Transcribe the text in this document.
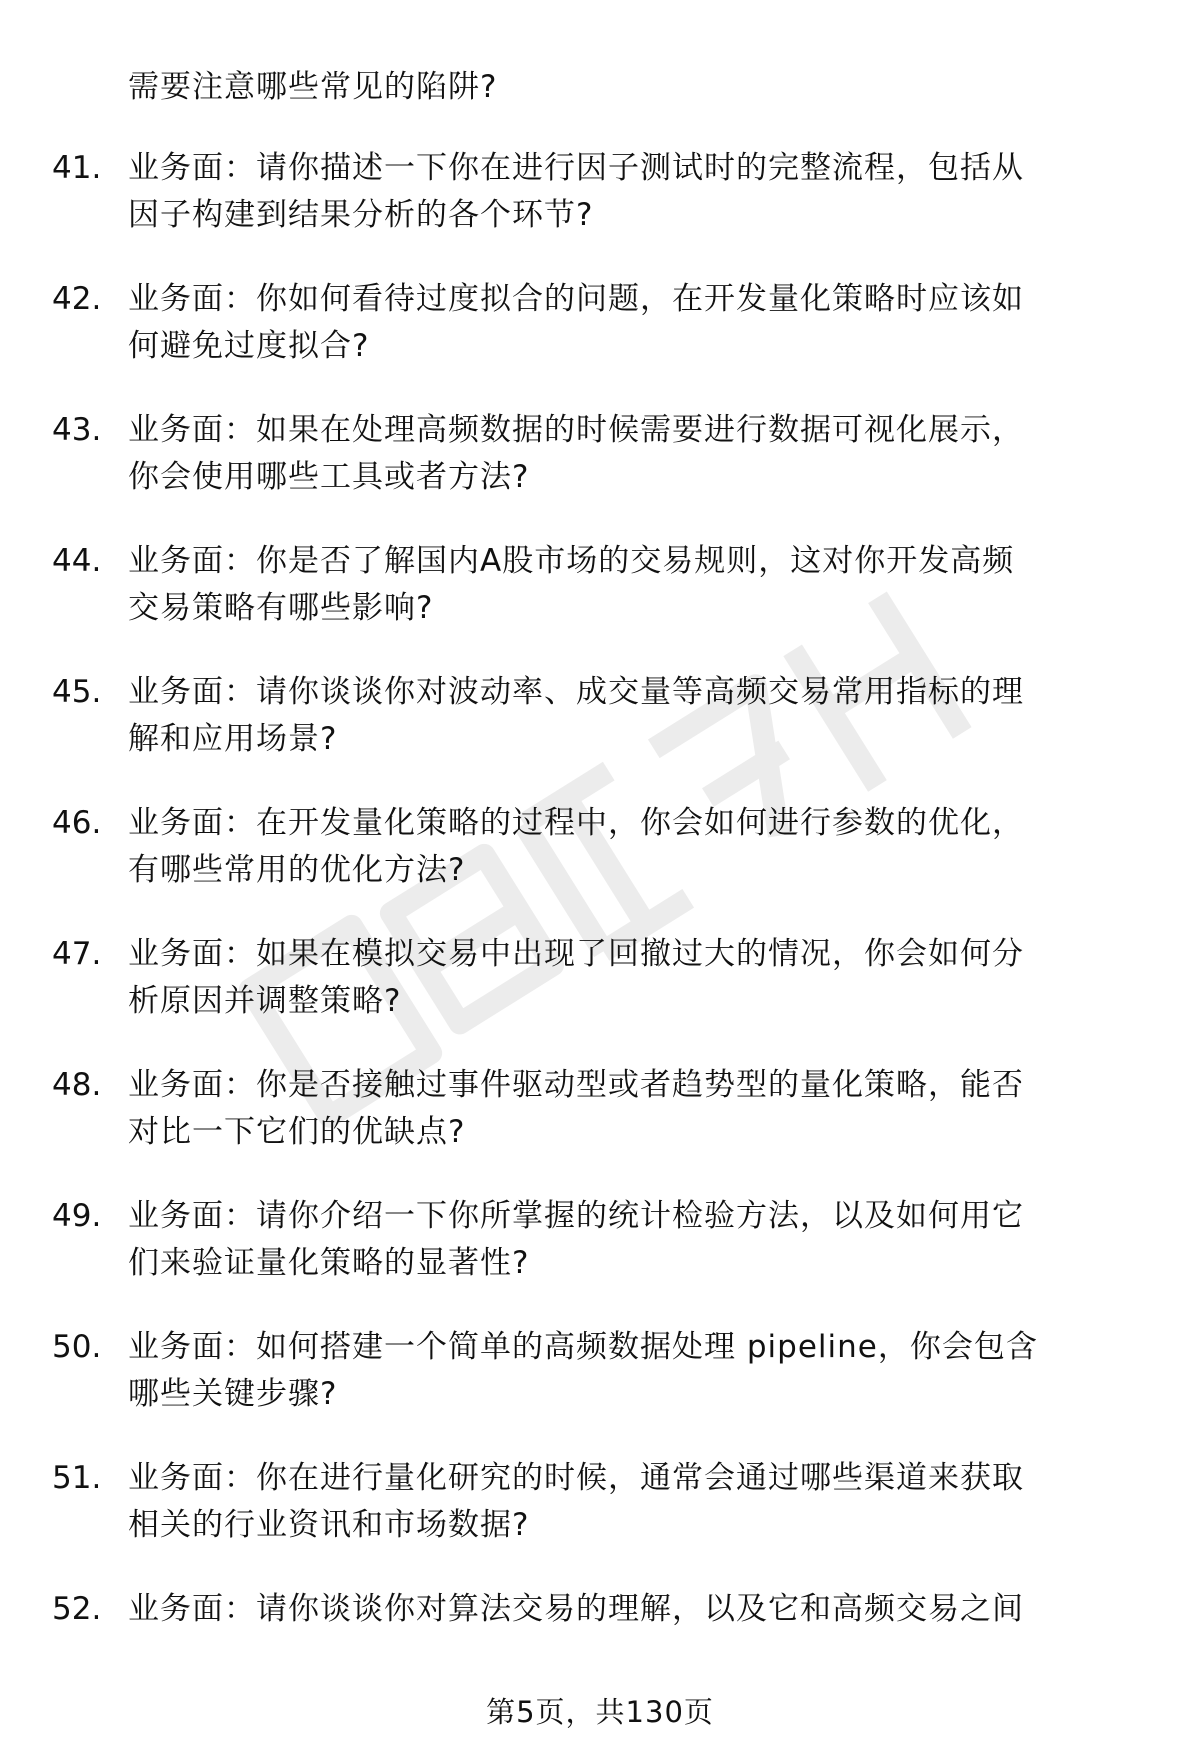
需要注意哪些常见的陷阱?
41. 业务面：请你描述一下你在进行因子测试时的完整流程，包括从
因子构建到结果分析的各个环节?
42. 业务面：你如何看待过度拟合的问题，在开发量化策略时应该如
何避免过度拟合?
43. 业务面：如果在处理高频数据的时候需要进行数据可视化展示，
你会使用哪些工具或者方法?
44. 业务面：你是否了解国内A股市场的交易规则，这对你开发高频
交易策略有哪些影响?
45. 业务面：请你谈谈你对波动率、成交量等高频交易常用指标的理
解和应用场景?
46. 业务面：在开发量化策略的过程中，你会如何进行参数的优化，
有哪些常用的优化方法?
47. 业务面：如果在模拟交易中出现了回撤过大的情况，你会如何分
析原因并调整策略?
48. 业务面：你是否接触过事件驱动型或者趋势型的量化策略，能否
对比一下它们的优缺点?
49. 业务面：请你介绍一下你所掌握的统计检验方法，以及如何用它
们来验证量化策略的显著性?
50. 业务面：如何搭建一个简单的高频数据处理 pipeline，你会包含
哪些关键步骤?
51. 业务面：你在进行量化研究的时候，通常会通过哪些渠道来获取
相关的行业资讯和市场数据?
52. 业务面：请你谈谈你对算法交易的理解，以及它和高频交易之间
第5页，共130页
